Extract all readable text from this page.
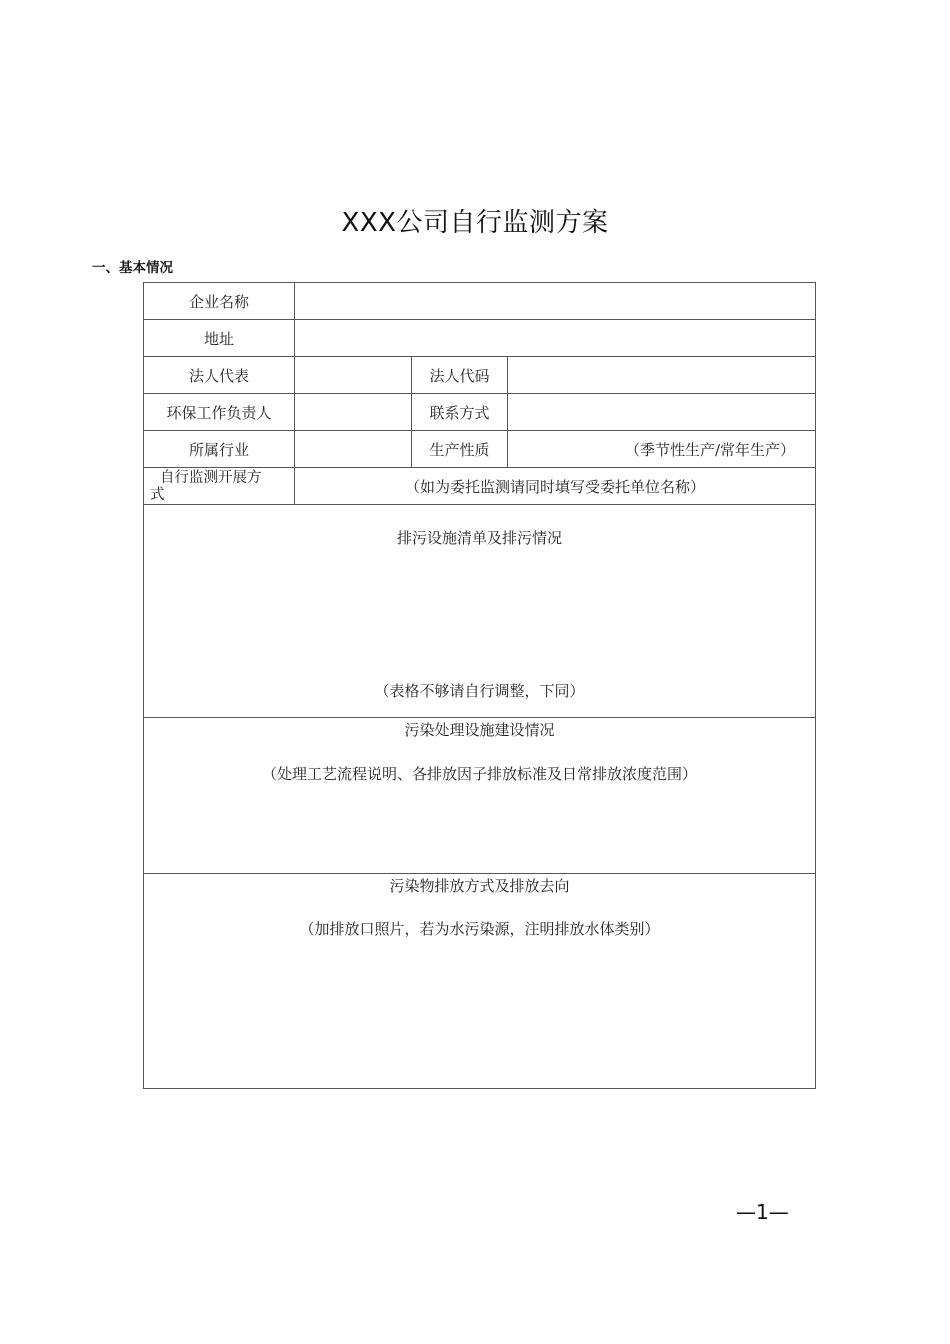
XXX公司自行监测方案
一、基本情况
企业名称
地址
法人代表	法人代码
环保工作负责人	联系方式
所属行业	生产性质	（季节性生产/常年生产）
自行监测开展方
式	（如为委托监测请同时填写受委托单位名称）
排污设施清单及排污情况
（表格不够请自行调整，下同）
污染处理设施建设情况
（处理工艺流程说明、各排放因子排放标准及日常排放浓度范围）
污染物排放方式及排放去向
（加排放口照片，若为水污染源，注明排放水体类别）
—1—
